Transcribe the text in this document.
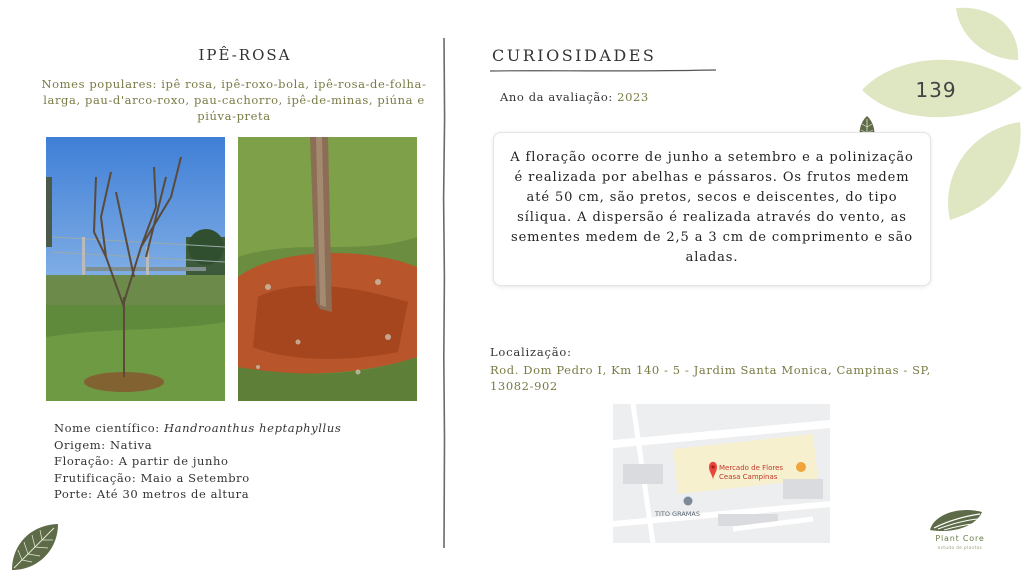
IPÊ-ROSA
Nomes populares: ipê rosa, ipê-roxo-bola, ipê-rosa-de-folha-larga, pau-d'arco-roxo, pau-cachorro, ipê-de-minas, piúna e piúva-preta
Nome científico: Handroanthus heptaphyllus
Origem: Nativa
Floração: A partir de junho
Frutificação: Maio a Setembro
Porte: Até 30 metros de altura
CURIOSIDADES
Ano da avaliação: 2023
A floração ocorre de junho a setembro e a polinização é realizada por abelhas e pássaros. Os frutos medem até 50 cm, são pretos, secos e deiscentes, do tipo síliqua. A dispersão é realizada através do vento, as sementes medem de 2,5 a 3 cm de comprimento e são aladas.
Localização:
Rod. Dom Pedro I, Km 140 - 5 - Jardim Santa Monica, Campinas - SP, 13082-902
Mercado de Flores
Ceasa Campinas
TITO GRAMAS
139
Plant Core
estudo de plantas
